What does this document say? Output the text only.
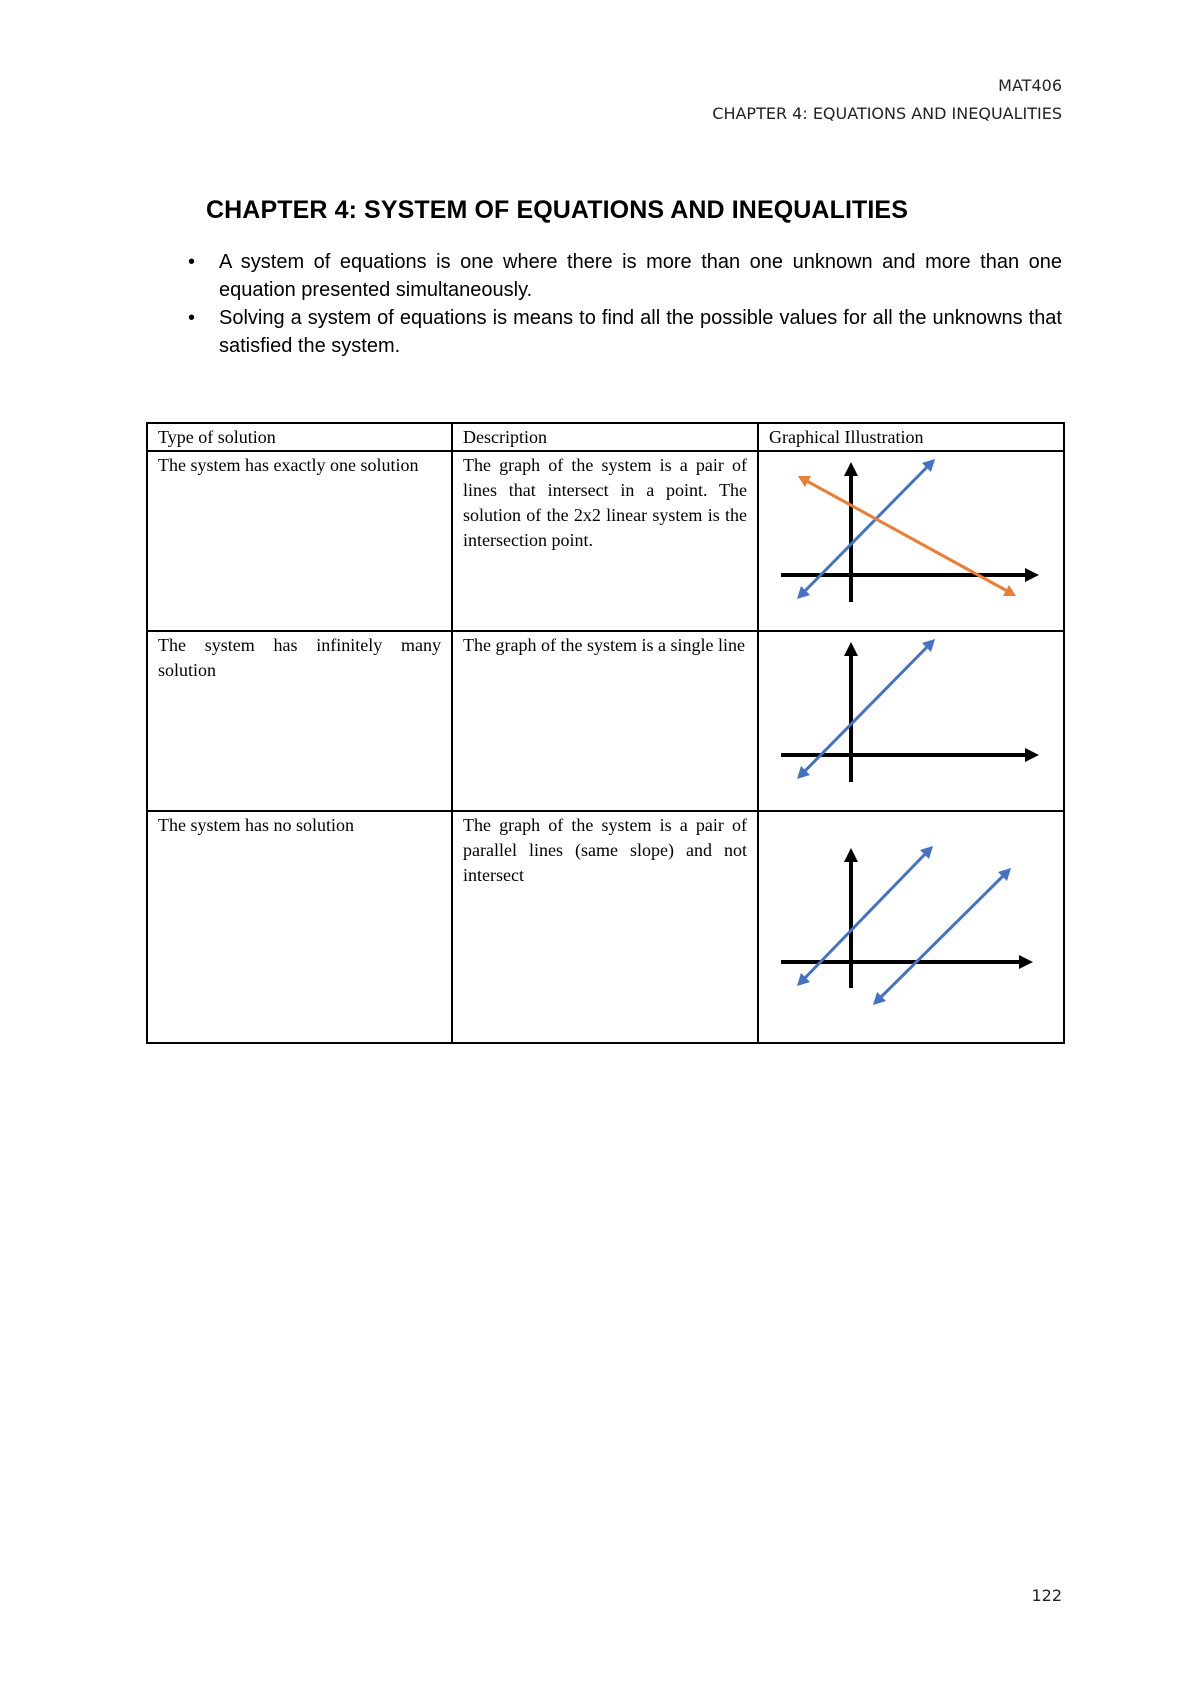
MAT406
CHAPTER 4: EQUATIONS AND INEQUALITIES
CHAPTER 4: SYSTEM OF EQUATIONS AND INEQUALITIES
• A system of equations is one where there is more than one unknown and more than one equation presented simultaneously.
• Solving a system of equations is means to find all the possible values for all the unknowns that satisfied the system.
Type of solution	Description	Graphical Illustration
The system has exactly one solution	The graph of the system is a pair of lines that intersect in a point. The solution of the 2x2 linear system is the intersection point.	

The system has infinitely many solution	The graph of the system is a single line	

The system has no solution	The graph of the system is a pair of parallel lines (same slope) and not intersect	
122
